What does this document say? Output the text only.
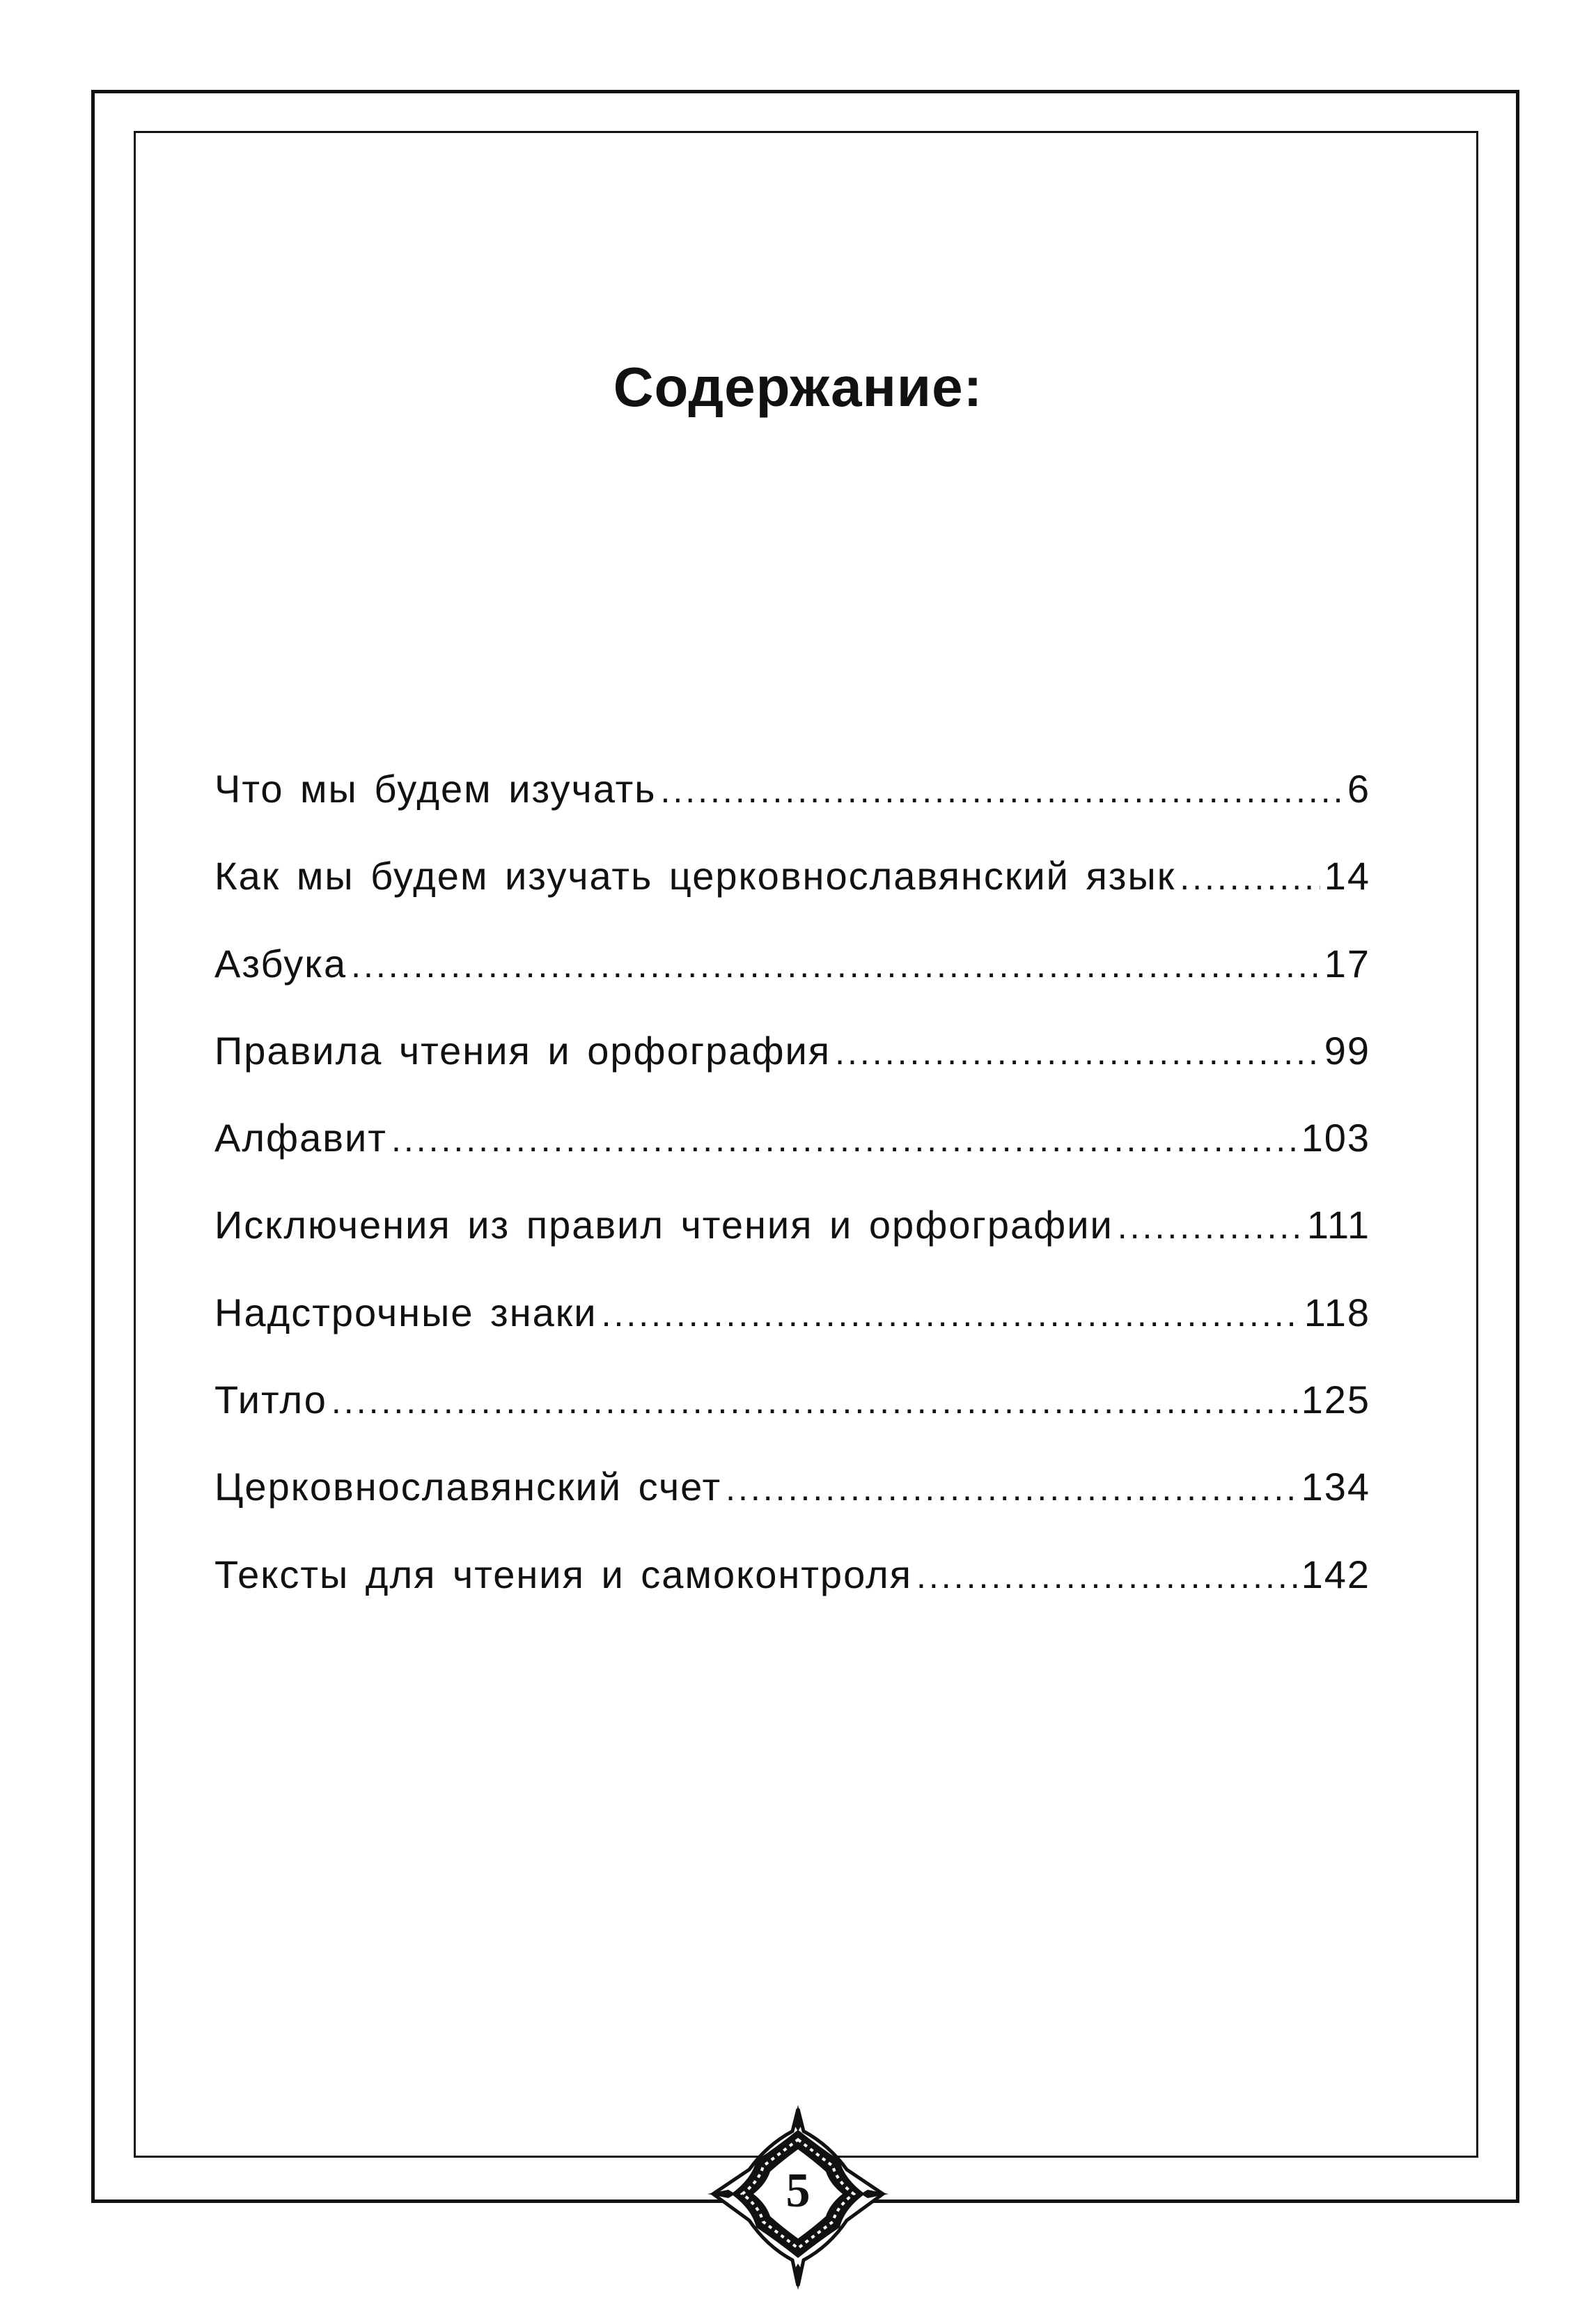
Содержание:
Что мы будем изучать .....	6
Как мы будем изучать церковнославянский язык .....	14
Азбука .....	17
Правила чтения и орфография .....	99
Алфавит .....	103
Исключения из правил чтения и орфографии .....	111
Надстрочные знаки .....	118
Титло .....	125
Церковнославянский счет .....	134
Тексты для чтения и самоконтроля .....	142
5
